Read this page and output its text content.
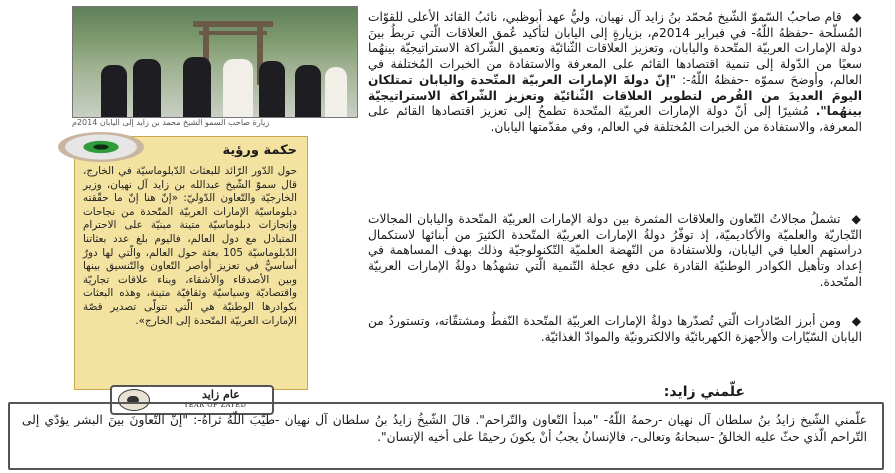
زيارة صاحب السمو الشيخ محمد بن زايد إلى اليابان 2014م
حكمة ورؤية
حول الدّور الرّائد للبعثات الدّبلوماسيّة في الخارج، قال سموّ الشّيخ عبدالله بن زايد آل نهيان، وزير الخارجيّة والتّعاون الدّوليّ: «إنّ هنا إنّ ما حقّقته دبلوماسيّة الإمارات العربيّة المتّحدة من نجاحات وإنجازات دبلوماسيّة متينة مبنيّة على الاحترام المتبادل مع دول العالم، فاليوم بلغ عدد بعثاتنا الدّبلوماسيّة 105 بعثة حول العالم، والّتي لها دورٌ أساسيٌّ في تعزيز أواصر التّعاون والتّنسيق بينها وبين الأصدقاء والأشقاء، وبناء علاقات تجاريّة واقتصاديّة وسياسيّة وثقافيّة متينة، وهذه البعثات بكوادرها الوطنيّة هي الّتي تتولّى تصدير قصّة الإمارات العربيّة المتّحدة إلى الخارج».
◆ قام صاحبُ السّموّ الشّيخ مُحمّد بنُ زايد آل نهيان، وليُّ عهد أبوظبي، نائبُ القائد الأعلى للقوّات المُسلّحة -حفظهُ اللّهُ- في فبراير 2014م، بزيارةٍ إلى اليابان لتأكيد عُمق العلاقات الّتي تربطُ بينَ دولة الإمارات العربيّة المتّحدة واليابان، وتعزيز العلاقات الثّنائيّة وتعميق الشّراكة الاستراتيجيّة بينهُما سعيًا من الدّولة إلى تنمية اقتصادها القائم على المعرفة والاستفادة من الخبرات المُختلفة في العالم، وأوضحَ سموّه -حفظهُ اللّهُ-: "إنّ دولةَ الإمارات العربيّة المتّحدة واليابان تمتلكان اليومَ العديدَ من الفُرص لتطوير العلاقات الثّنائيّة وتعزيز الشّراكة الاستراتيجيّة بينهُما". مُشيرًا إلى أنّ دولة الإمارات العربيّة المتّحدة تطمحُ إلى تعزيز اقتصادها القائم على المعرفة، والاستفادة من الخبرات المُختلفة في العالم، وفي مقدّمتها اليابان.
◆ تشملُ مجالاتُ التّعاون والعلاقات المثمرة بين دولة الإمارات العربيّة المتّحدة واليابان المجالات التّجاريّة والعلميّة والأكاديميّة، إذ توفّرُ دولةُ الإمارات العربيّة المتّحدة الكثيرَ من أبنائها لاستكمال دراستهم العليا في اليابان، وللاستفادة من النّهضة العلميّة التّكنولوجيّة وذلك بهدف المساهمة في إعداد وتأهيل الكوادر الوطنيّة القادرة على دفع عجلة التّنمية الّتي تشهدُها دولةُ الإمارات العربيّة المتّحدة.
◆ ومن أبرز الصّادرات الّتي تُصدّرها دولةُ الإمارات العربيّة المتّحدة النّفطُ ومشتقّاته، وتستوردُ من اليابان السّيّارات والأجهزة الكهربائيّة والالكترونيّة والموادّ الغذائيّة.
عام زايد
YEAR OF ZAYED
علّمني زايد:
علّمني الشّيخ زايدُ بنُ سلطان آل نهيان -رحمهُ اللّهُ- "مبدأ التّعاون والتّراحم". قالَ الشّيخُ زايدُ بنُ سلطان آل نهيان -طيّبَ اللّهُ ثراهُ-: "إنّ التّعاونَ بينَ البشر يؤدّي إلى التّراحم الّذي حثّ عليه الخالقُ -سبحانهُ وتعالى-، فالإنسانُ يجبُ أنْ يكونَ رحيمًا على أخيه الإنسان".
